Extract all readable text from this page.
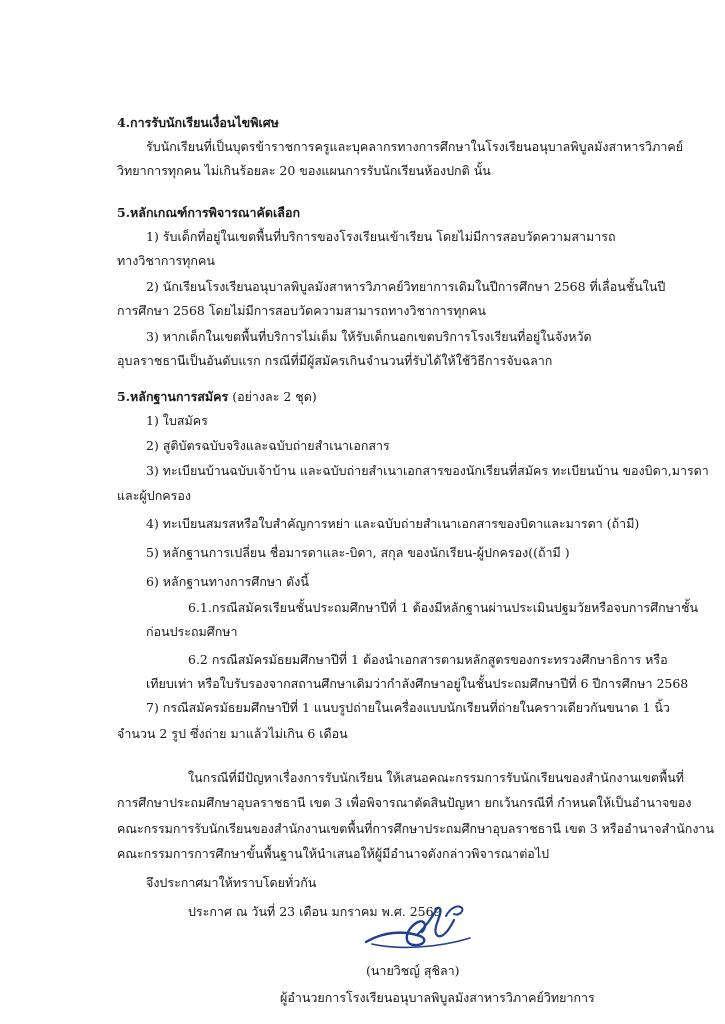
4.การรับนักเรียนเงื่อนไขพิเศษ
รับนักเรียนที่เป็นบุตรข้าราชการครูและบุคลากรทางการศึกษาในโรงเรียนอนุบาลพิบูลมังสาหารวิภาคย์
วิทยาการทุกคน ไม่เกินร้อยละ 20 ของแผนการรับนักเรียนห้องปกติ นั้น
5.หลักเกณฑ์การพิจารณาคัดเลือก
1) รับเด็กที่อยู่ในเขตพื้นที่บริการของโรงเรียนเข้าเรียน โดยไม่มีการสอบวัดความสามารถ
ทางวิชาการทุกคน
2) นักเรียนโรงเรียนอนุบาลพิบูลมังสาหารวิภาคย์วิทยาการเดิมในปีการศึกษา 2568 ที่เลื่อนชั้นในปี
การศึกษา 2568 โดยไม่มีการสอบวัดความสามารถทางวิชาการทุกคน
3) หากเด็กในเขตพื้นที่บริการไม่เต็ม ให้รับเด็กนอกเขตบริการโรงเรียนที่อยู่ในจังหวัด
อุบลราชธานีเป็นอันดับแรก กรณีที่มีผู้สมัครเกินจำนวนที่รับได้ให้ใช้วิธีการจับฉลาก
5.หลักฐานการสมัคร (อย่างละ 2 ชุด)
1) ใบสมัคร
2) สูติบัตรฉบับจริงและฉบับถ่ายสำเนาเอกสาร
3) ทะเบียนบ้านฉบับเจ้าบ้าน และฉบับถ่ายสำเนาเอกสารของนักเรียนที่สมัคร ทะเบียนบ้าน ของบิดา,มารดา
และผู้ปกครอง
4) ทะเบียนสมรสหรือใบสำคัญการหย่า และฉบับถ่ายสำเนาเอกสารของบิดาและมารดา (ถ้ามี)
5) หลักฐานการเปลี่ยน ชื่อมารดาและ-บิดา, สกุล ของนักเรียน-ผู้ปกครอง((ถ้ามี )
6) หลักฐานทางการศึกษา ดังนี้
6.1.กรณีสมัครเรียนชั้นประถมศึกษาปีที่ 1 ต้องมีหลักฐานผ่านประเมินปฐมวัยหรือจบการศึกษาชั้น
ก่อนประถมศึกษา
6.2 กรณีสมัครมัธยมศึกษาปีที่ 1 ต้องนำเอกสารตามหลักสูตรของกระทรวงศึกษาธิการ หรือ
เทียบเท่า หรือใบรับรองจากสถานศึกษาเดิมว่ากำลังศึกษาอยู่ในชั้นประถมศึกษาปีที่ 6 ปีการศึกษา 2568
7) กรณีสมัครมัธยมศึกษาปีที่ 1 แนบรูปถ่ายในเครื่องแบบนักเรียนที่ถ่ายในคราวเดียวกันขนาด 1 นิ้ว
จำนวน 2 รูป ซึ่งถ่าย มาแล้วไม่เกิน 6 เดือน
ในกรณีที่มีปัญหาเรื่องการรับนักเรียน ให้เสนอคณะกรรมการรับนักเรียนของสำนักงานเขตพื้นที่
การศึกษาประถมศึกษาอุบลราชธานี เขต 3 เพื่อพิจารณาตัดสินปัญหา ยกเว้นกรณีที่ กำหนดให้เป็นอำนาจของ
คณะกรรมการรับนักเรียนของสำนักงานเขตพื้นที่การศึกษาประถมศึกษาอุบลราชธานี เขต 3 หรืออำนาจสำนักงาน
คณะกรรมการการศึกษาขั้นพื้นฐานให้นำเสนอให้ผู้มีอำนาจดังกล่าวพิจารณาต่อไป
จึงประกาศมาให้ทราบโดยทั่วกัน
ประกาศ ณ วันที่ 23 เดือน มกราคม พ.ศ. 2569
(นายวิชญ์ สุชิลา)
ผู้อำนวยการโรงเรียนอนุบาลพิบูลมังสาหารวิภาคย์วิทยาการ
